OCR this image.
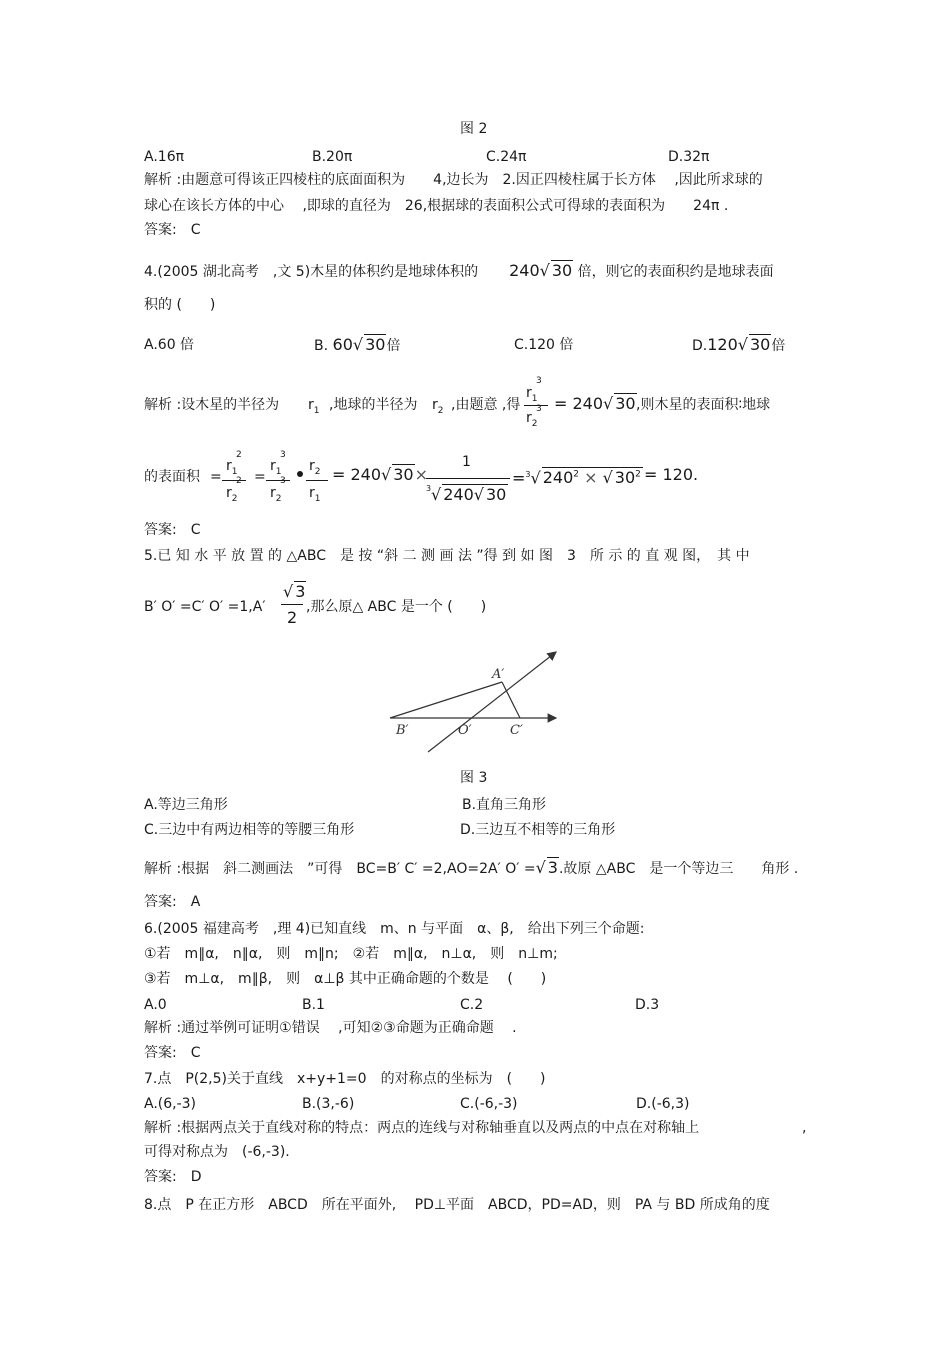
图 2
A.16π	B.20π	C.24π	D.32π
解析 :由题意可得该正四棱柱的底面面积为　　4,边长为　2.因正四棱柱属于长方体　 ,因此所求球的
球心在该长方体的中心　 ,即球的直径为　26,根据球的表面积公式可得球的表面积为　　24π .
答案:　C
4.(2005 湖北高考　,文 5)木星的体积约是地球体积的 240√ 30 倍，则它的表面积约是地球表面
积的 (　　)
A.60 倍	B. 60√ 30倍	C.120 倍	D.120√ 30倍
解析 :设木星的半径为 $r_1$ ,地球的半径为 $r_2$ ,由题意 ,得
3
$r_1$
3
$r_2$
= 240√ 30 ,则木星的表面积∶地球
的表面积 =
2
$r_1$
2
$r_2$
=
3
$r_1$
3
$r_2$
$r_2$
$r_1$
= 240√ 30×
1
3 √ 240√ 30
=$^3$√ $240^2$ × √ $30^2 = 120$.
答案:　C
5.已 知 水 平 放 置 的 △ABC　是 按 “斜 二 测 画 法 ”得 到 如 图　3　所 示 的 直 观 图，　其 中
B′ O′ =C′ O′ =1,A′
√ 3
2
,那么原△ ABC 是一个 (　　)
A′
B′	O′	C′
图 3
A.等边三角形	B.直角三角形
C.三边中有两边相等的等腰三角形	D.三边互不相等的三角形
解析 :根据　斜二测画法　”可得　BC=B′ C′ =2,AO=2A′ O′ =√ 3.故原 △ABC　是一个等边三　　角形 .
答案:　A
6.(2005 福建高考　,理 4)已知直线　m、n 与平面　α、β,　给出下列三个命题:
①若　m∥α,　n∥α,　则　m∥n;　②若　m∥α,　n⊥α,　则　n⊥m;
③若　m⊥α,　m∥β,　则　α⊥β 其中正确命题的个数是　 (　　)
A.0	B.1	C.2	D.3
解析 :通过举例可证明①错误　 ,可知②③命题为正确命题　 .
答案:　C
7.点　P(2,5)关于直线　x+y+1=0　的对称点的坐标为　(　　)
A.(6,-3)	B.(3,-6)	C.(-6,-3)	D.(-6,3)
解析 :根据两点关于直线对称的特点：两点的连线与对称轴垂直以及两点的中点在对称轴上	,
可得对称点为　(-6,-3).
答案:　D
8.点　P 在正方形　ABCD　所在平面外,　 PD⊥平面　ABCD，PD=AD，则　PA 与 BD 所成角的度
